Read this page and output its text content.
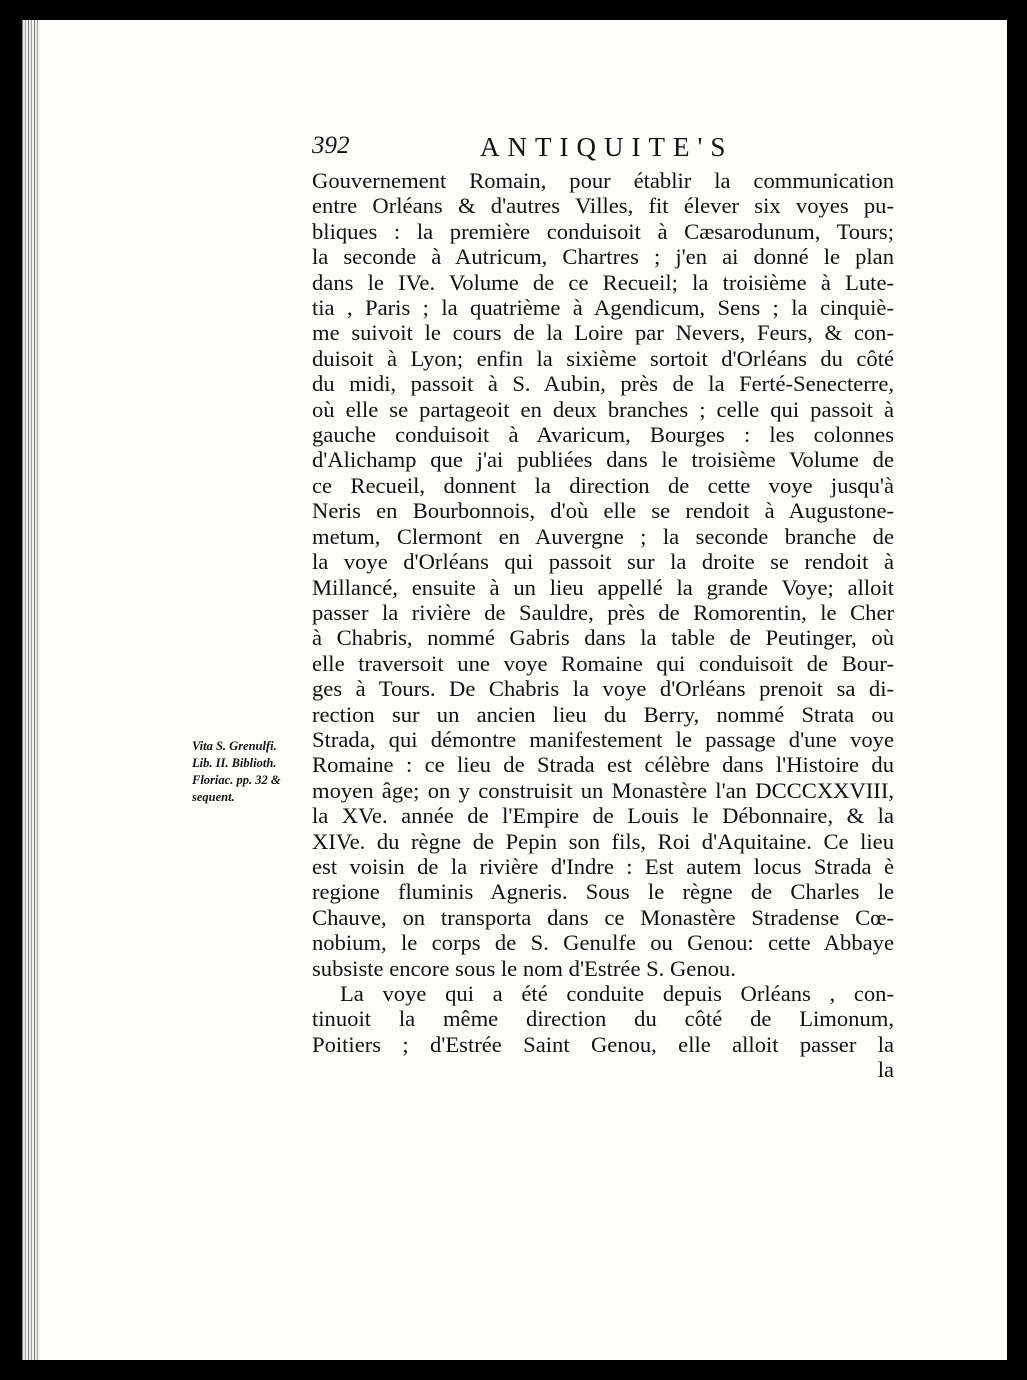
392	ANTIQUITE'S
Vita S. Grenulfi.
Lib. II. Biblioth.
Floriac. pp. 32 &
sequent.
Gouvernement Romain, pour établir la communication
entre Orléans & d'autres Villes, fit élever six voyes pu-
bliques : la première conduisoit à Cæsarodunum, Tours;
la seconde à Autricum, Chartres ; j'en ai donné le plan
dans le IVe. Volume de ce Recueil; la troisième à Lute-
tia , Paris ; la quatrième à Agendicum, Sens ; la cinquiè-
me suivoit le cours de la Loire par Nevers, Feurs, & con-
duisoit à Lyon; enfin la sixième sortoit d'Orléans du côté
du midi, passoit à S. Aubin, près de la Ferté-Senecterre,
où elle se partageoit en deux branches ; celle qui passoit à
gauche conduisoit à Avaricum, Bourges : les colonnes
d'Alichamp que j'ai publiées dans le troisième Volume de
ce Recueil, donnent la direction de cette voye jusqu'à
Neris en Bourbonnois, d'où elle se rendoit à Augustone-
metum, Clermont en Auvergne ; la seconde branche de
la voye d'Orléans qui passoit sur la droite se rendoit à
Millancé, ensuite à un lieu appellé la grande Voye; alloit
passer la rivière de Sauldre, près de Romorentin, le Cher
à Chabris, nommé Gabris dans la table de Peutinger, où
elle traversoit une voye Romaine qui conduisoit de Bour-
ges à Tours. De Chabris la voye d'Orléans prenoit sa di-
rection sur un ancien lieu du Berry, nommé Strata ou
Strada, qui démontre manifestement le passage d'une voye
Romaine : ce lieu de Strada est célèbre dans l'Histoire du
moyen âge; on y construisit un Monastère l'an DCCCXXVIII,
la XVe. année de l'Empire de Louis le Débonnaire, & la
XIVe. du règne de Pepin son fils, Roi d'Aquitaine. Ce lieu
est voisin de la rivière d'Indre : Est autem locus Strada è
regione fluminis Agneris. Sous le règne de Charles le
Chauve, on transporta dans ce Monastère Stradense Cœ-
nobium, le corps de S. Genulfe ou Genou: cette Abbaye
subsiste encore sous le nom d'Estrée S. Genou.
La voye qui a été conduite depuis Orléans , con-
tinuoit la même direction du côté de Limonum,
Poitiers ; d'Estrée Saint Genou, elle alloit passer la
la
